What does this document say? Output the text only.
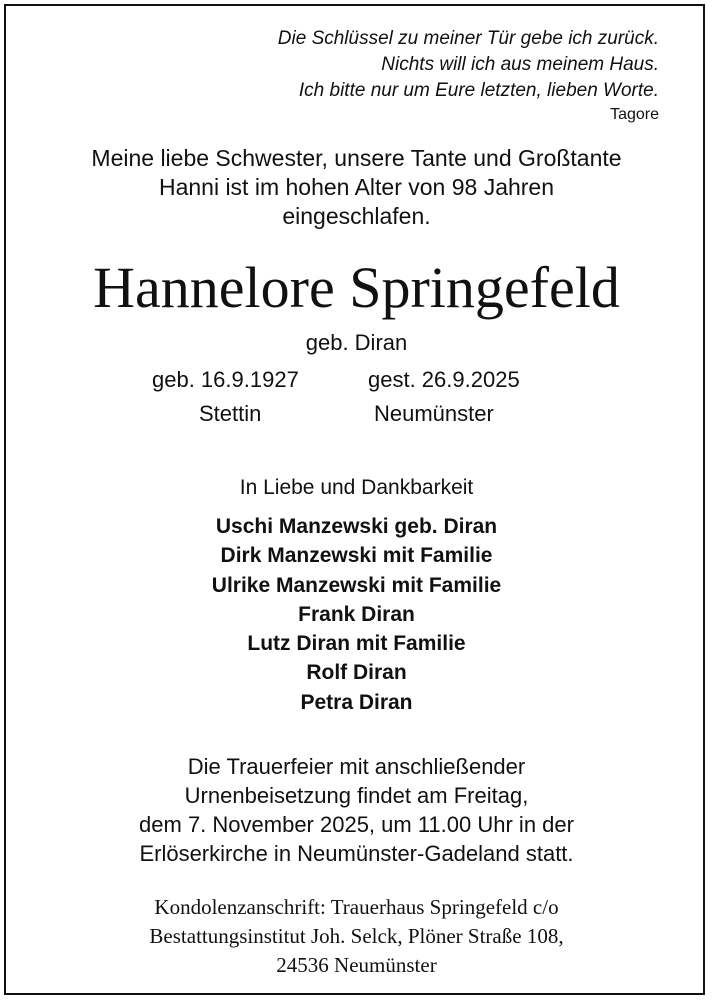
Die Schlüssel zu meiner Tür gebe ich zurück.
Nichts will ich aus meinem Haus.
Ich bitte nur um Eure letzten, lieben Worte.
Tagore
Meine liebe Schwester, unsere Tante und Großtante
Hanni ist im hohen Alter von 98 Jahren
eingeschlafen.
Hannelore Springefeld
geb. Diran
geb. 16.9.1927	gest. 26.9.2025
Stettin	Neumünster
In Liebe und Dankbarkeit
Uschi Manzewski geb. Diran
Dirk Manzewski mit Familie
Ulrike Manzewski mit Familie
Frank Diran
Lutz Diran mit Familie
Rolf Diran
Petra Diran
Die Trauerfeier mit anschließender
Urnenbeisetzung findet am Freitag,
dem 7. November 2025, um 11.00 Uhr in der
Erlöserkirche in Neumünster-Gadeland statt.
Kondolenzanschrift: Trauerhaus Springefeld c/o
Bestattungsinstitut Joh. Selck, Plöner Straße 108,
24536 Neumünster
